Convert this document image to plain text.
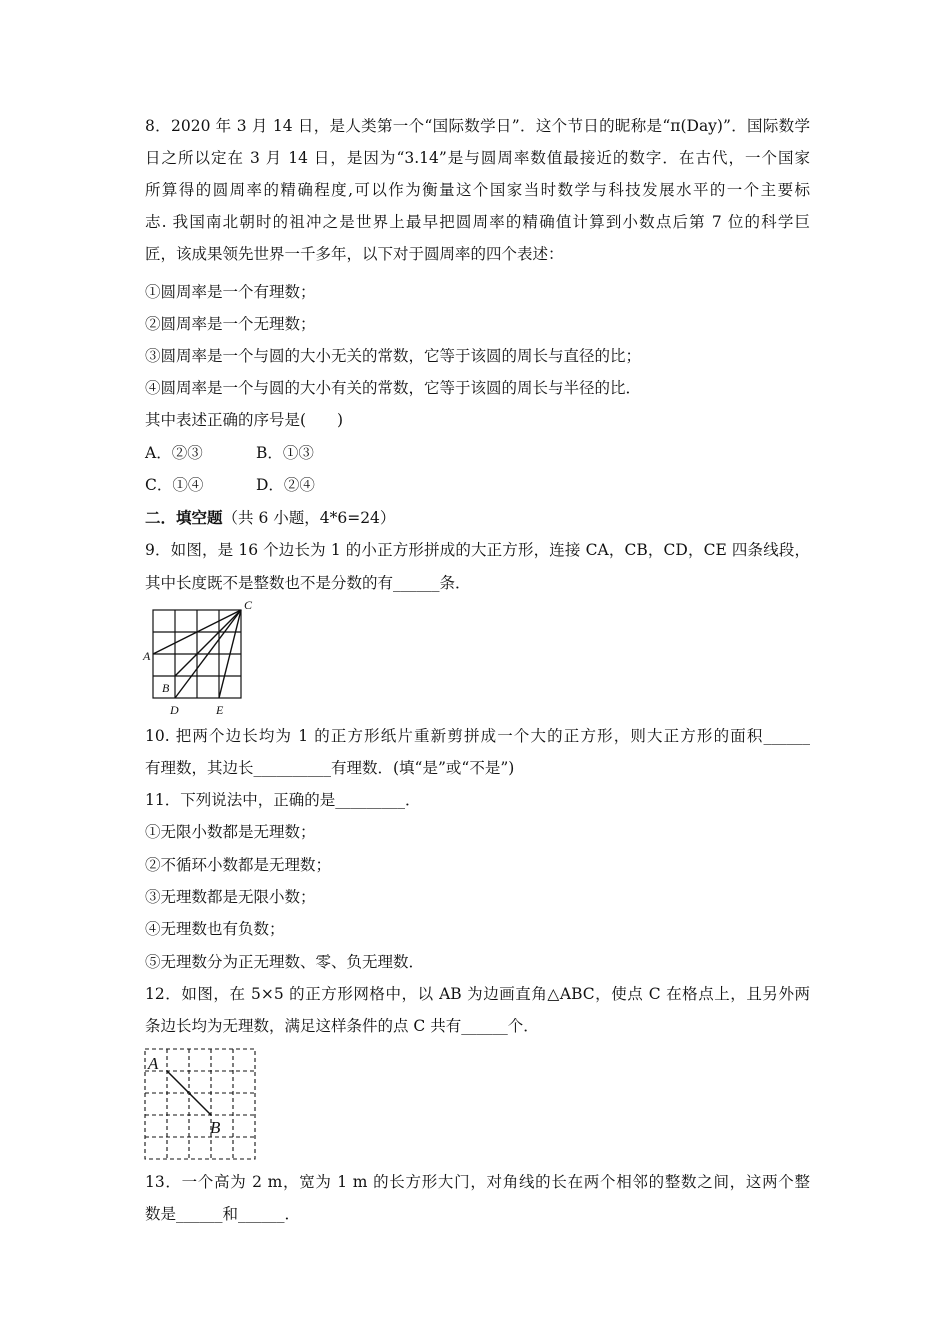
8．2020 年 3 月 14 日，是人类第一个“国际数学日”．这个节日的昵称是“π(Day)”．国际数学
日之所以定在 3 月 14 日，是因为“3.14”是与圆周率数值最接近的数字．在古代，一个国家
所算得的圆周率的精确程度,可以作为衡量这个国家当时数学与科技发展水平的一个主要标
志. 我国南北朝时的祖冲之是世界上最早把圆周率的精确值计算到小数点后第 7 位的科学巨
匠，该成果领先世界一千多年，以下对于圆周率的四个表述：
①圆周率是一个有理数；
②圆周率是一个无理数；
③圆周率是一个与圆的大小无关的常数，它等于该圆的周长与直径的比；
④圆周率是一个与圆的大小有关的常数，它等于该圆的周长与半径的比．
其中表述正确的序号是(　　)
A．②③	B．①③
C．①④	D．②④
二．填空题（共 6 小题，4*6=24）
9．如图，是 16 个边长为 1 的小正方形拼成的大正方形，连接 CA，CB，CD，CE 四条线段，
其中长度既不是整数也不是分数的有______条．
C
A
B
D	E
10. 把两个边长均为 1 的正方形纸片重新剪拼成一个大的正方形，则大正方形的面积______
有理数，其边长__________有理数．(填“是”或“不是”)
11．下列说法中，正确的是_________．
①无限小数都是无理数；
②不循环小数都是无理数；
③无理数都是无限小数；
④无理数也有负数；
⑤无理数分为正无理数、零、负无理数．
12．如图，在 5×5 的正方形网格中，以 AB 为边画直角△ABC，使点 C 在格点上，且另外两
条边长均为无理数，满足这样条件的点 C 共有______个．
A
B
13．一个高为 2 m，宽为 1 m 的长方形大门，对角线的长在两个相邻的整数之间，这两个整
数是______和______．
